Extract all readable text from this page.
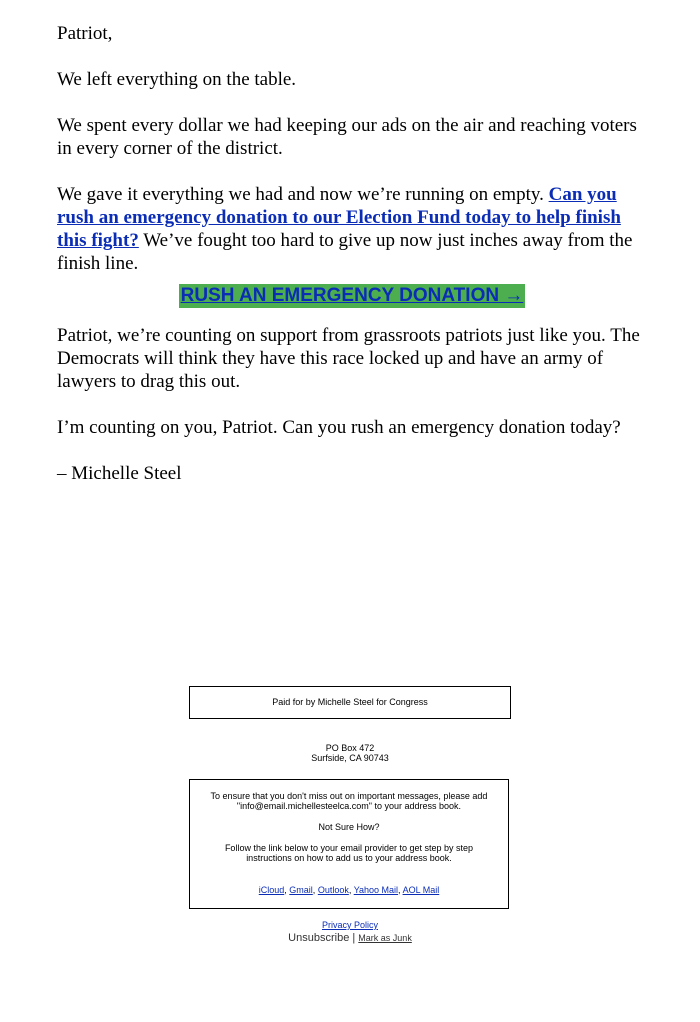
Patriot,

We left everything on the table.

We spent every dollar we had keeping our ads on the air and reaching voters in every corner of the district.

We gave it everything we had and now we’re running on empty. Can you rush an emergency donation to our Election Fund today to help finish this fight? We’ve fought too hard to give up now just inches away from the finish line.

RUSH AN EMERGENCY DONATION →

Patriot, we’re counting on support from grassroots patriots just like you. The Democrats will think they have this race locked up and have an army of lawyers to drag this out.

I’m counting on you, Patriot. Can you rush an emergency donation today?

– Michelle Steel

Paid for by Michelle Steel for Congress
PO Box 472
Surfside, CA 90743

To ensure that you don't miss out on important messages, please add "info@email.michellesteelca.com" to your address book.

Not Sure How?

Follow the link below to your email provider to get step by step instructions on how to add us to your address book.

iCloud, Gmail, Outlook, Yahoo Mail, AOL Mail

Privacy Policy
Unsubscribe | Mark as Junk
